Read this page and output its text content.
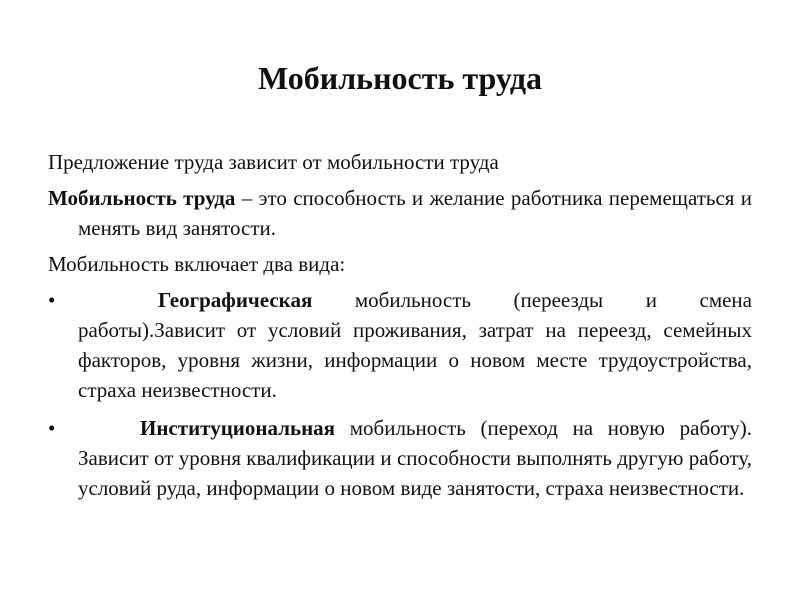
Мобильность труда

Предложение труда зависит от мобильности труда

Мобильность труда – это способность и желание работника перемещаться и менять вид занятости.

Мобильность включает два вида:

•	Географическая мобильность (переезды и смена работы).Зависит от условий проживания, затрат на переезд, семейных факторов, уровня жизни, информации о новом месте трудоустройства, страха неизвестности.
•	Институциональная мобильность (переход на новую работу). Зависит от уровня квалификации и способности выполнять другую работу, условий руда, информации о новом виде занятости, страха неизвестности.
